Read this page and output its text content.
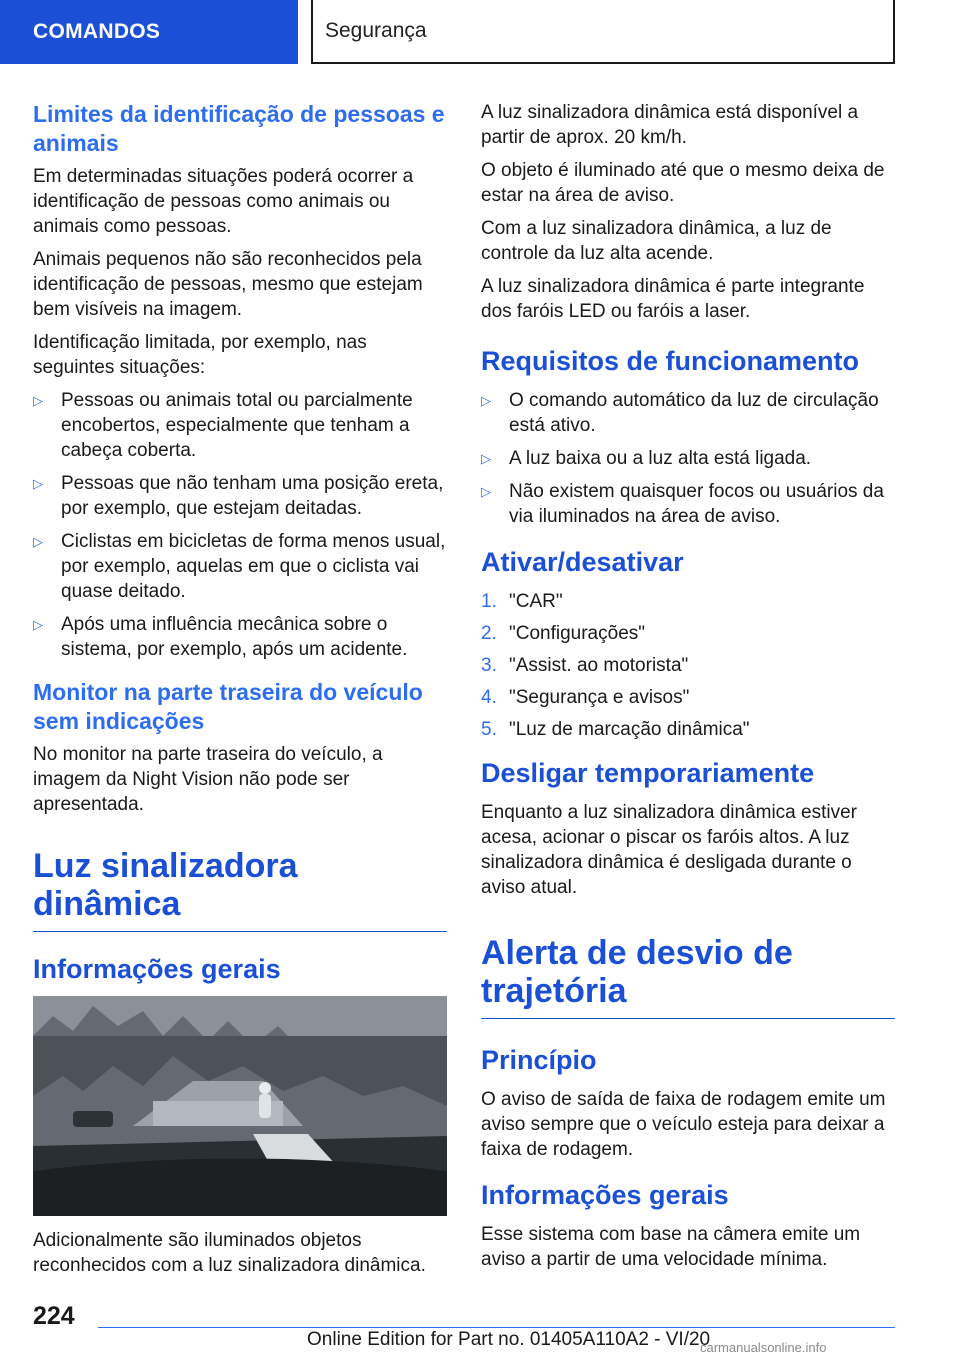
COMANDOS	Segurança
Limites da identificação de pessoas e animais

Em determinadas situações poderá ocorrer a identificação de pessoas como animais ou animais como pessoas.

Animais pequenos não são reconhecidos pela identificação de pessoas, mesmo que estejam bem visíveis na imagem.

Identificação limitada, por exemplo, nas seguintes situações:

▷ Pessoas ou animais total ou parcialmente encobertos, especialmente que tenham a cabeça coberta.
▷ Pessoas que não tenham uma posição ereta, por exemplo, que estejam deitadas.
▷ Ciclistas em bicicletas de forma menos usual, por exemplo, aquelas em que o ciclista vai quase deitado.
▷ Após uma influência mecânica sobre o sistema, por exemplo, após um acidente.
Monitor na parte traseira do veículo sem indicações

No monitor na parte traseira do veículo, a imagem da Night Vision não pode ser apresentada.

Luz sinalizadora dinâmica
Informações gerais

Adicionalmente são iluminados objetos reconhecidos com a luz sinalizadora dinâmica.

A luz sinalizadora dinâmica está disponível a partir de aprox. 20 km/h.

O objeto é iluminado até que o mesmo deixa de estar na área de aviso.

Com a luz sinalizadora dinâmica, a luz de controle da luz alta acende.

A luz sinalizadora dinâmica é parte integrante dos faróis LED ou faróis a laser.

Requisitos de funcionamento
▷ O comando automático da luz de circulação está ativo.
▷ A luz baixa ou a luz alta está ligada.
▷ Não existem quaisquer focos ou usuários da via iluminados na área de aviso.
Ativar/desativar
1. "CAR"
2. "Configurações"
3. "Assist. ao motorista"
4. "Segurança e avisos"
5. "Luz de marcação dinâmica"
Desligar temporariamente

Enquanto a luz sinalizadora dinâmica estiver acesa, acionar o piscar os faróis altos. A luz sinalizadora dinâmica é desligada durante o aviso atual.

Alerta de desvio de trajetória
Princípio

O aviso de saída de faixa de rodagem emite um aviso sempre que o veículo esteja para deixar a faixa de rodagem.

Informações gerais

Esse sistema com base na câmera emite um aviso a partir de uma velocidade mínima.

224
Online Edition for Part no. 01405A110A2 - VI/20
carmanualsonline.info
